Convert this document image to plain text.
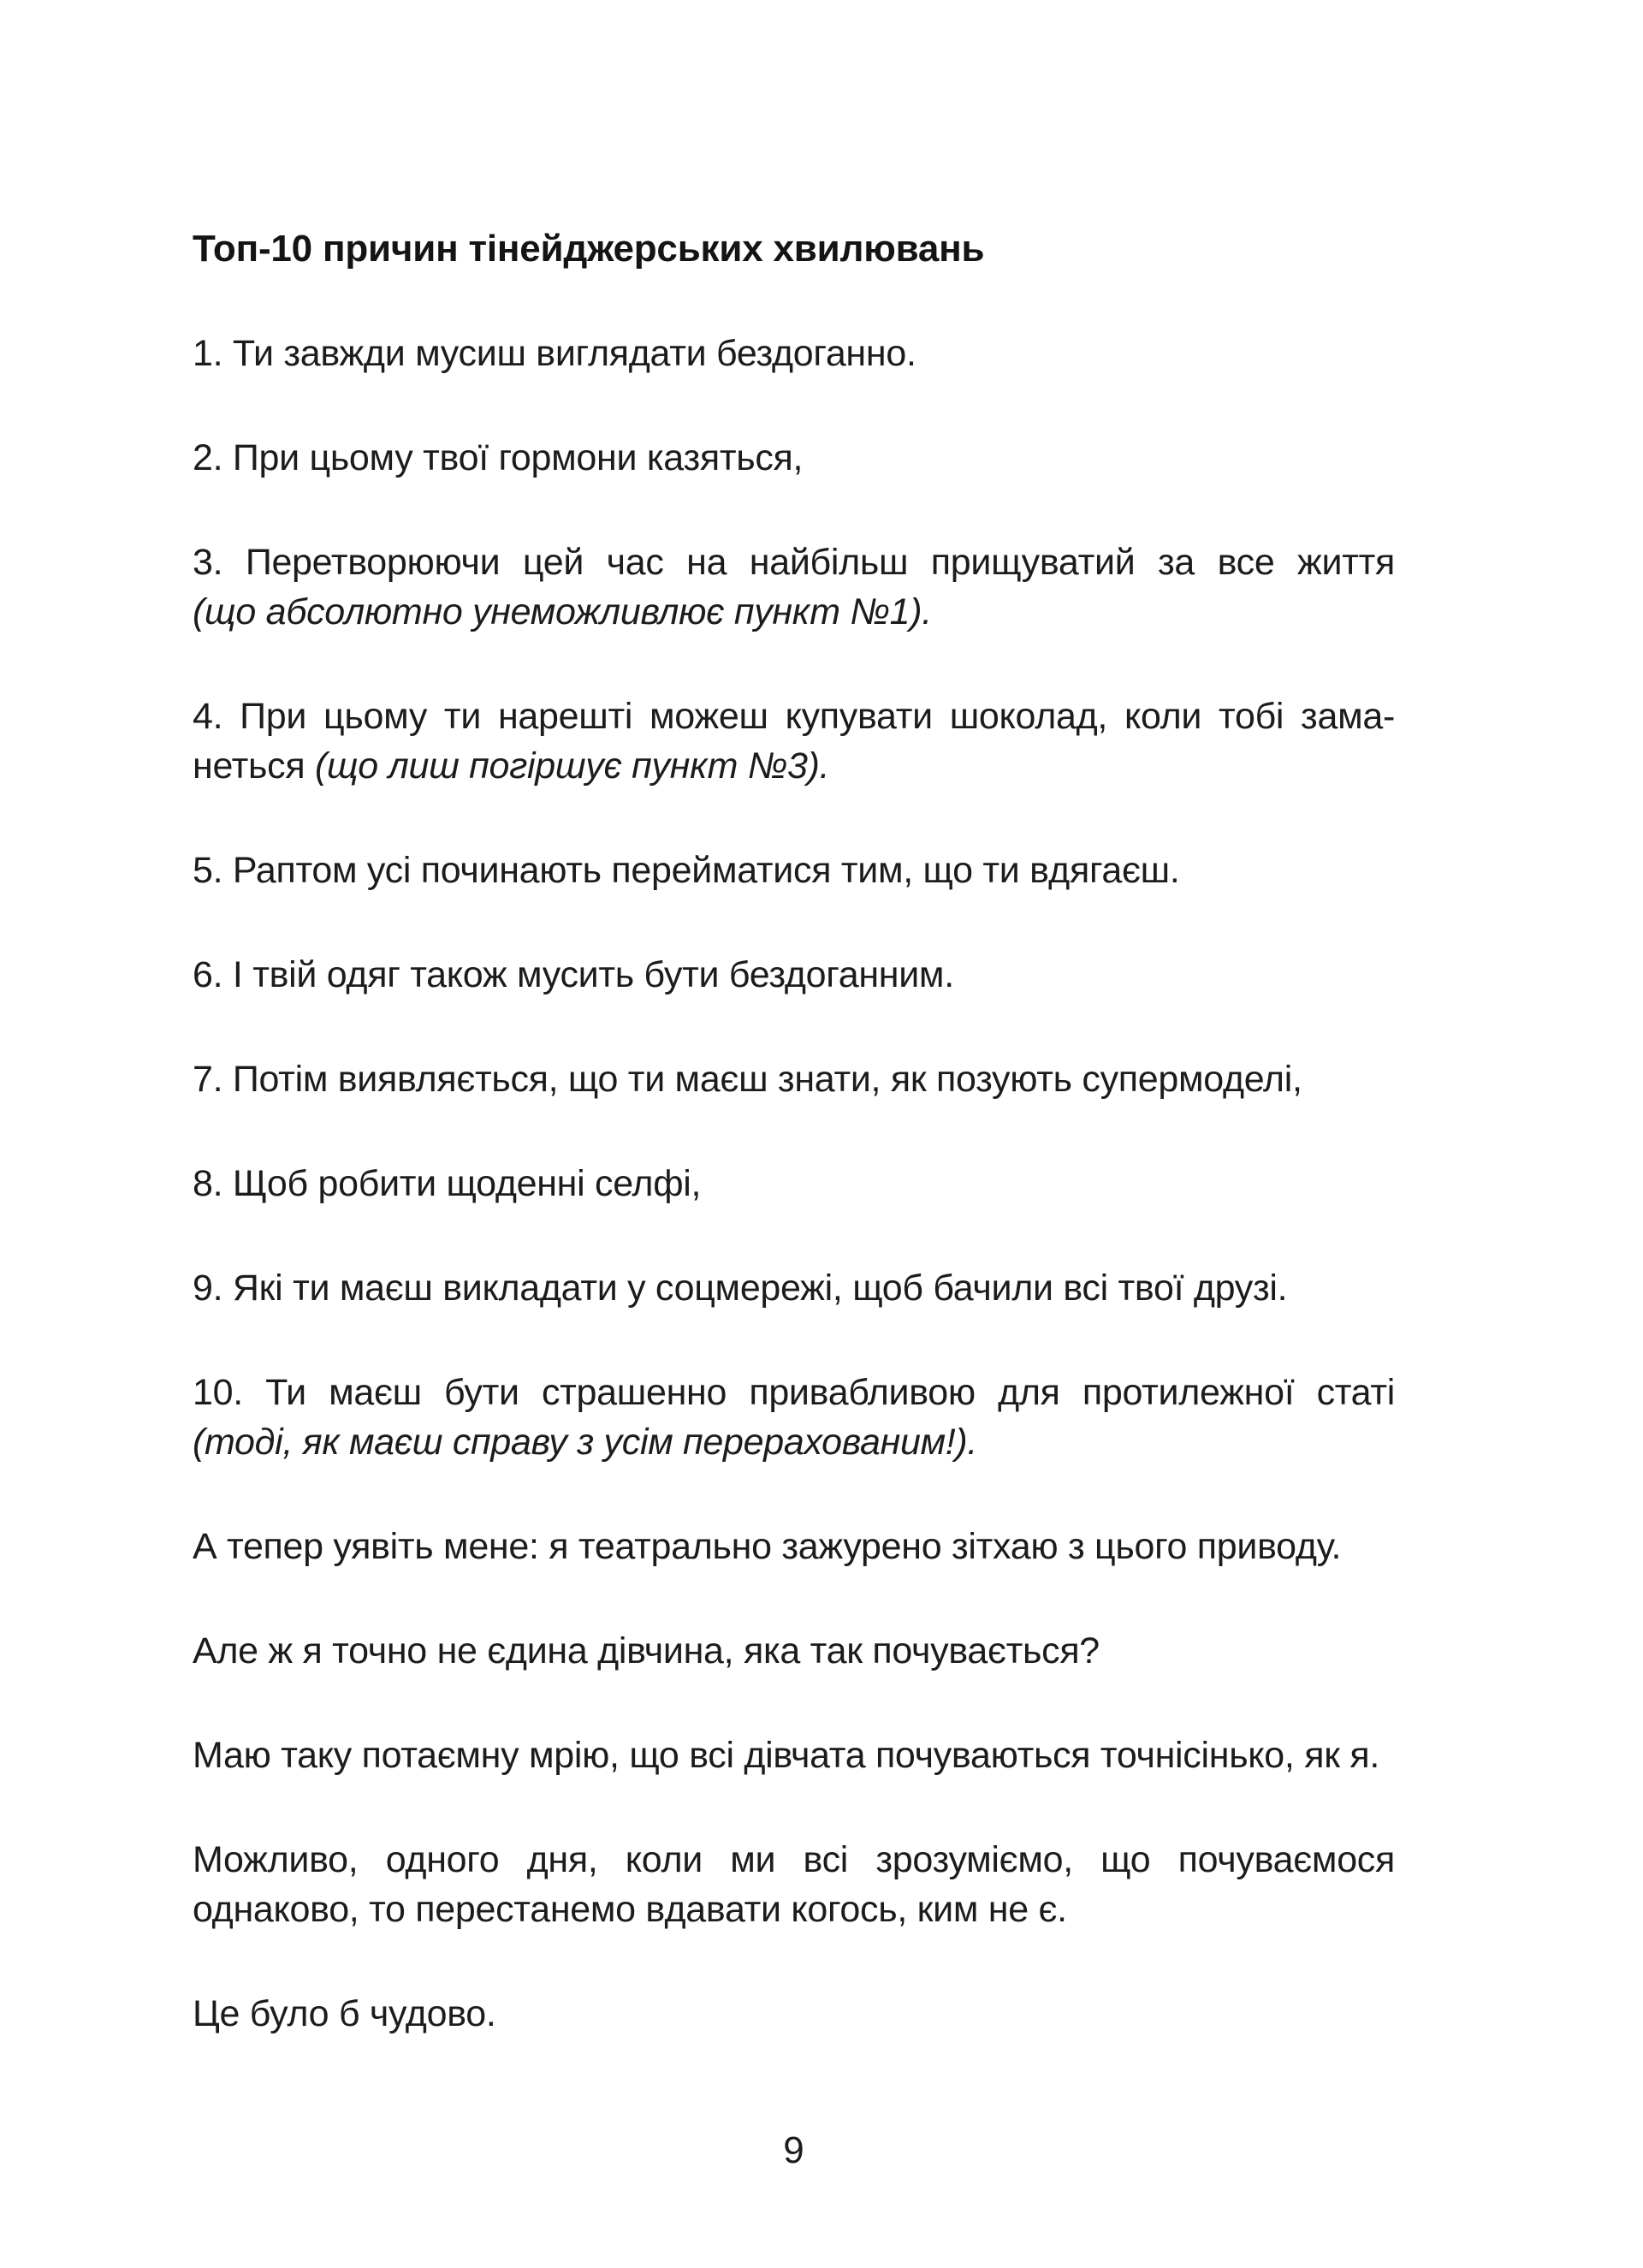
Топ-10 причин тінейджерських хвилювань

1. Ти завжди мусиш виглядати бездоганно.

2. При цьому твої гормони казяться,

3. Перетворюючи цей час на найбільш прищуватий за все життя
(що абсолютно унеможливлює пункт №1).

4. При цьому ти нарешті можеш купувати шоколад, коли тобі зама-
неться (що лиш погіршує пункт №3).

5. Раптом усі починають перейматися тим, що ти вдягаєш.

6. І твій одяг також мусить бути бездоганним.

7. Потім виявляється, що ти маєш знати, як позують супермоделі,

8. Щоб робити щоденні селфі,

9. Які ти маєш викладати у соцмережі, щоб бачили всі твої друзі.

10. Ти маєш бути страшенно привабливою для протилежної статі
(тоді, як маєш справу з усім перерахованим!).

А тепер уявіть мене: я театрально зажурено зітхаю з цього приводу.

Але ж я точно не єдина дівчина, яка так почувається?

Маю таку потаємну мрію, що всі дівчата почуваються точнісінько, як я.

Можливо, одного дня, коли ми всі зрозуміємо, що почуваємося
однаково, то перестанемо вдавати когось, ким не є.

Це було б чудово.

9
